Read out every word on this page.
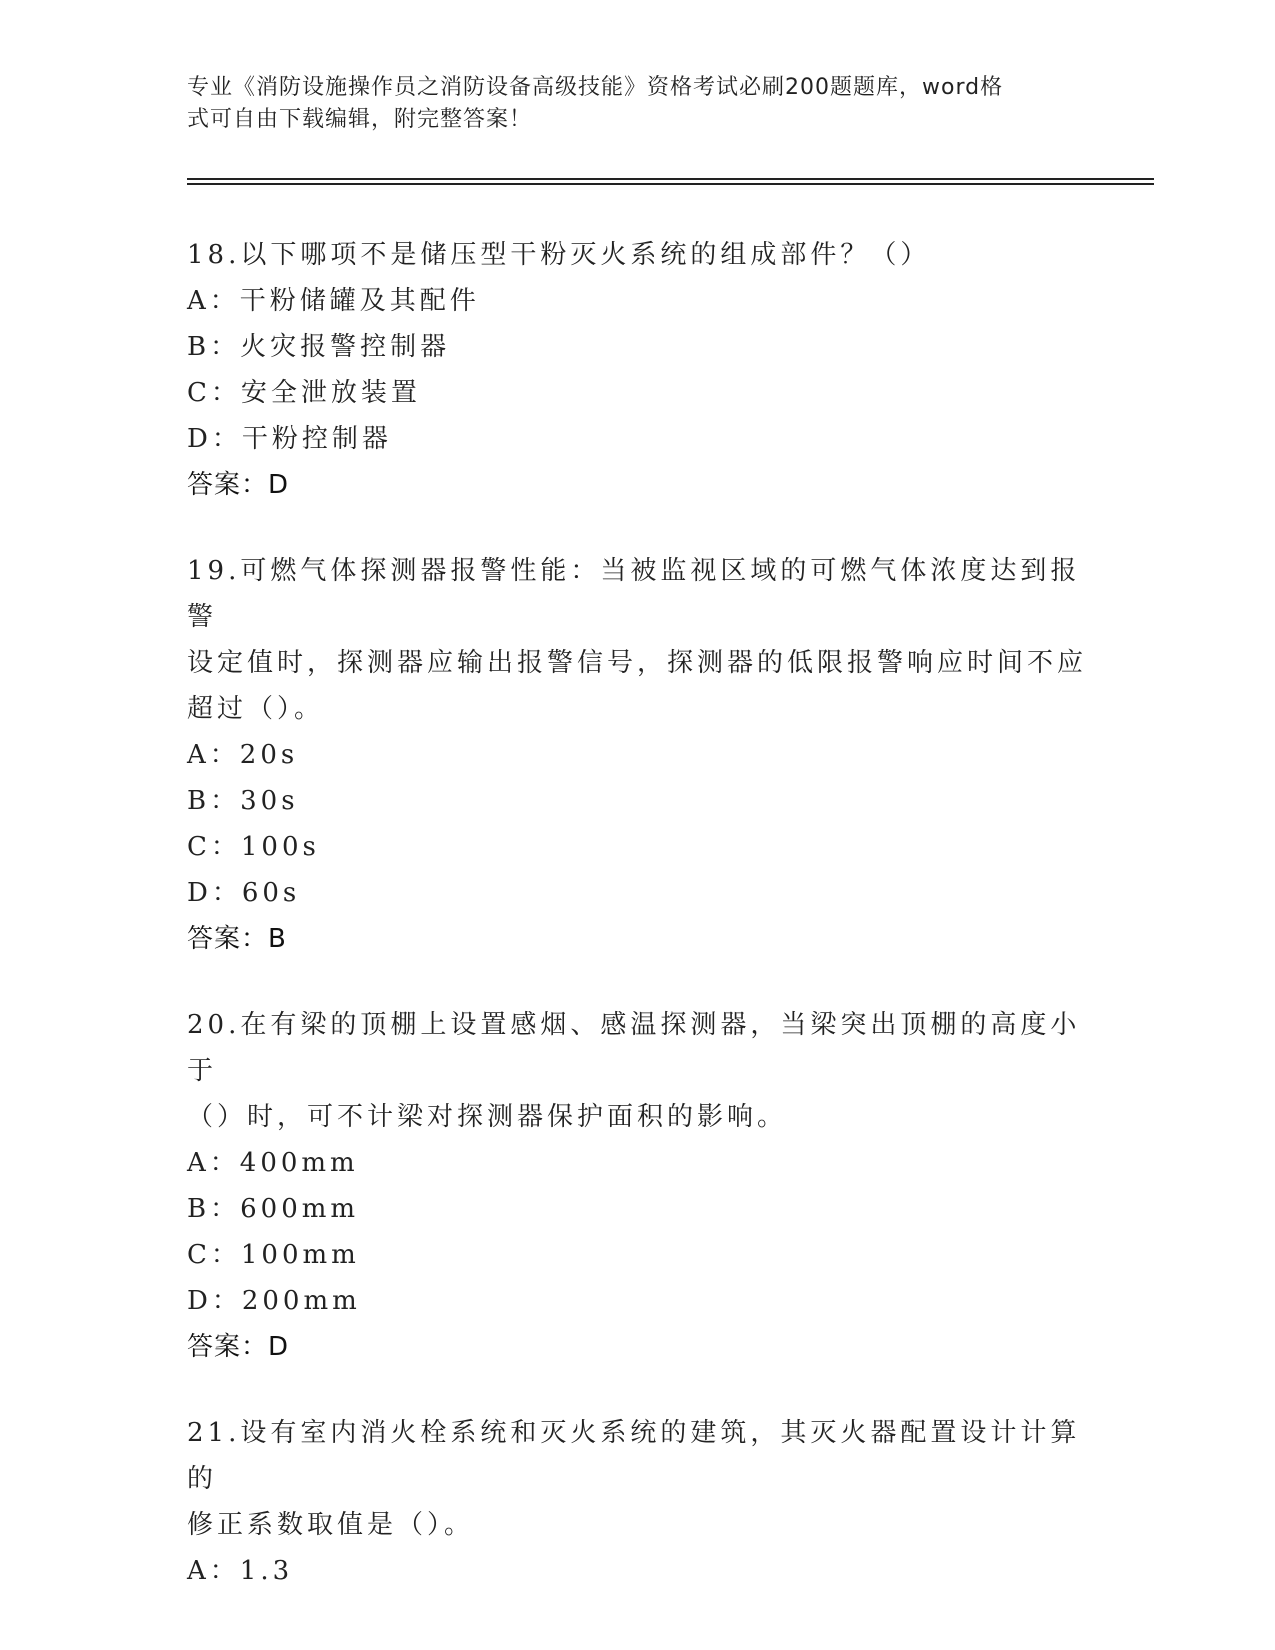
专业《消防设施操作员之消防设备高级技能》资格考试必刷200题题库，word格
式可自由下载编辑，附完整答案！

18.以下哪项不是储压型干粉灭火系统的组成部件？（）

A：干粉储罐及其配件

B：火灾报警控制器

C：安全泄放装置

D：干粉控制器

答案：D

19.可燃气体探测器报警性能：当被监视区域的可燃气体浓度达到报警

设定值时，探测器应输出报警信号，探测器的低限报警响应时间不应

超过（）。

A：20s

B：30s

C：100s

D：60s

答案：B

20.在有梁的顶棚上设置感烟、感温探测器，当梁突出顶棚的高度小于

（）时，可不计梁对探测器保护面积的影响。

A：400mm

B：600mm

C：100mm

D：200mm

答案：D

21.设有室内消火栓系统和灭火系统的建筑，其灭火器配置设计计算的

修正系数取值是（）。

A：1.3
